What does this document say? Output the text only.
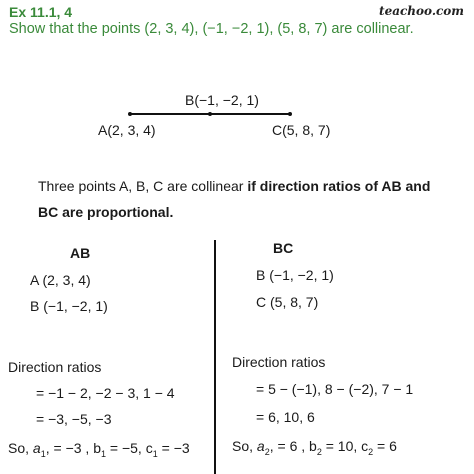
Ex 11.1, 4
Show that the points (2, 3, 4), (−1, −2, 1), (5, 8, 7) are collinear.
teachoo.com
B(−1, −2, 1)
A(2, 3, 4)	C(5, 8, 7)
Three points A, B, C are collinear if direction ratios of AB and
BC are proportional.
AB
A (2, 3, 4)
B (−1, −2, 1)
Direction ratios
= −1 − 2, −2 − 3, 1 − 4
= −3, −5, −3
So, $a_1$, = −3 , $b_1 = -5$, $c_1 = -3$
BC
B (−1, −2, 1)
C (5, 8, 7)
Direction ratios
= 5 − (−1), 8 − (−2), 7 − 1
= 6, 10, 6
So, $a_2$, = 6 , $b_2 = 10$, $c_2 = 6$
